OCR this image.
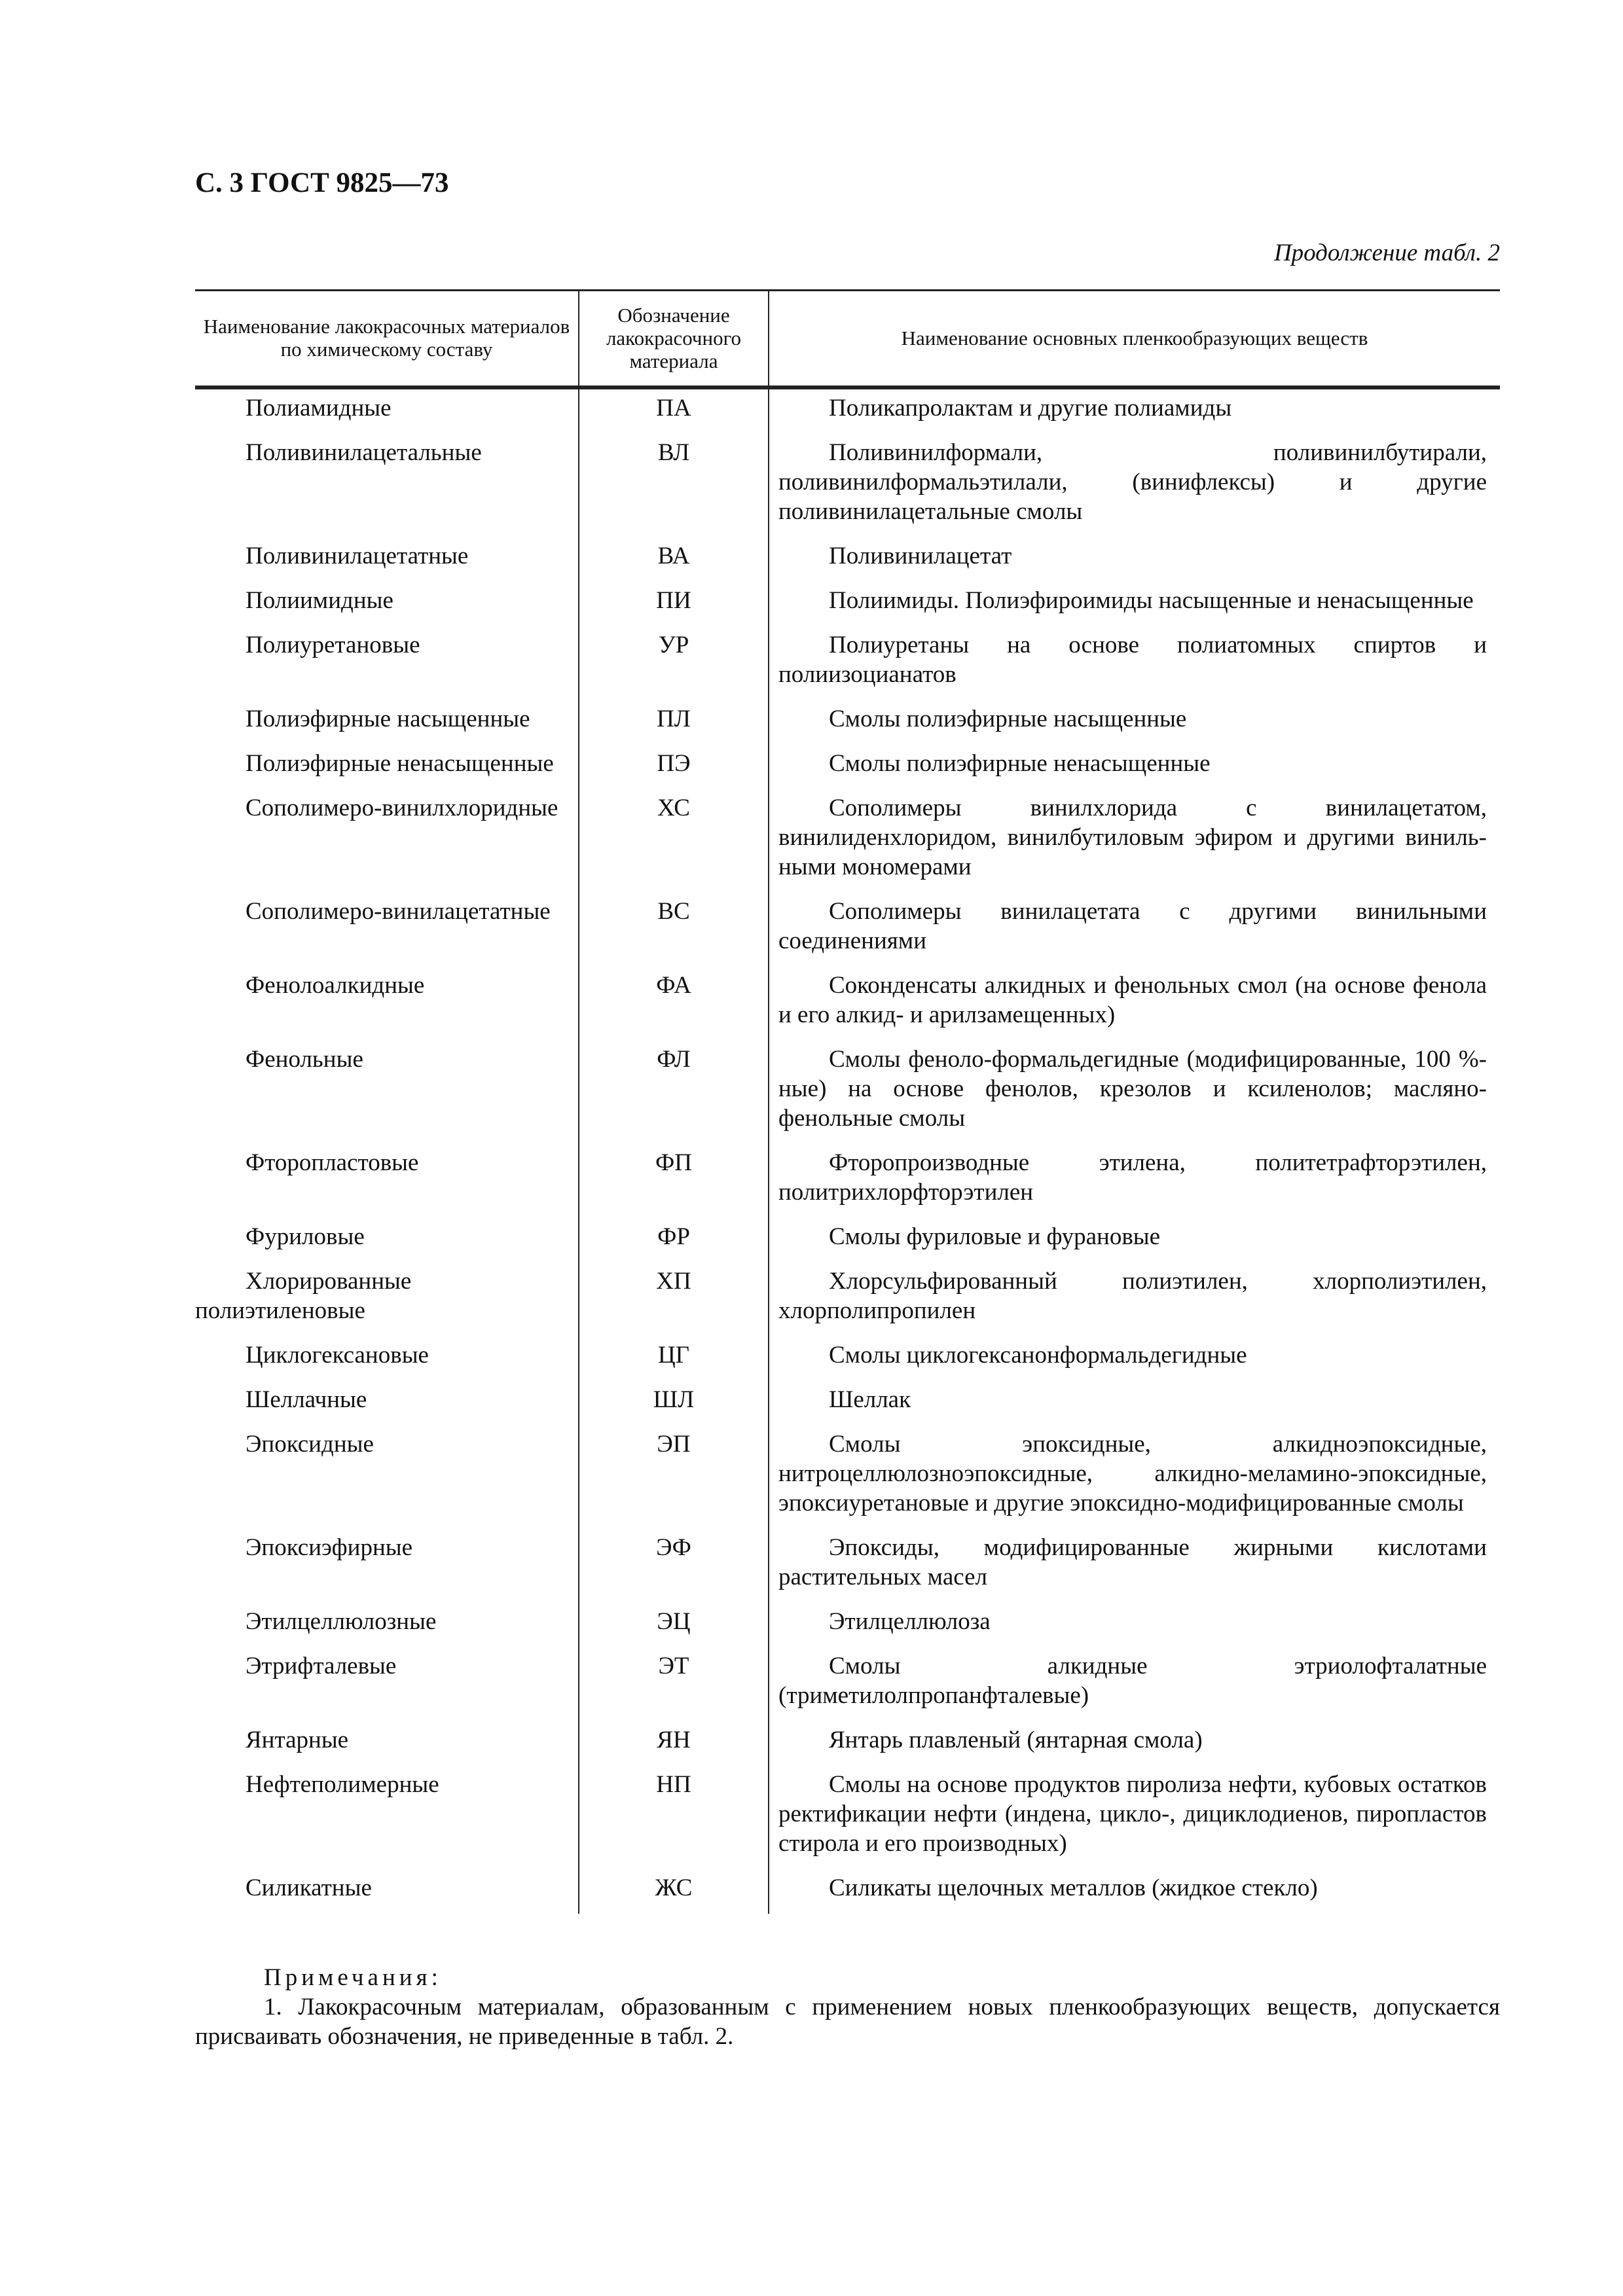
С. 3 ГОСТ 9825—73
Продолжение табл. 2
Наименование лакокрасочных материалов по химическому составу	Обозначение лакокрасочного материала	Наименование основных пленкообразующих веществ
Полиамидные	ПА	Поликапролактам и другие полиамиды
Поливинилацетальные	ВЛ	Поливинилформали, поливинилбутирали, поливинилформальэтилали, (винифлексы) и другие поливинилацетальные смолы
Поливинилацетатные	ВА	Поливинилацетат
Полиимидные	ПИ	Полиимиды. Полиэфироимиды насыщенные и ненасыщенные
Полиуретановые	УР	Полиуретаны на основе полиатомных спиртов и полиизоцианатов
Полиэфирные насыщенные	ПЛ	Смолы полиэфирные насыщенные
Полиэфирные ненасыщенные	ПЭ	Смолы полиэфирные ненасыщенные
Сополимеро-винилхлоридные	ХС	Сополимеры винилхлорида с винилацетатом, винилиденхлоридом, винилбутиловым эфиром и другими винильными мономерами
Сополимеро-винилацетатные	ВС	Сополимеры винилацетата с другими винильными соединениями
Фенолоалкидные	ФА	Соконденсаты алкидных и фенольных смол (на основе фенола и его алкид- и арилзамещенных)
Фенольные	ФЛ	Смолы феноло-формальдегидные (модифицированные, 100 %-ные) на основе фенолов, крезолов и ксиленолов; масляно-фенольные смолы
Фторопластовые	ФП	Фторопроизводные этилена, политетрафторэтилен, политрихлорфторэтилен
Фуриловые	ФР	Смолы фуриловые и фурановые
Хлорированные полиэтиленовые	ХП	Хлорсульфированный полиэтилен, хлорполиэтилен, хлорполипропилен
Циклогексановые	ЦГ	Смолы циклогексанонформальдегидные
Шеллачные	ШЛ	Шеллак
Эпоксидные	ЭП	Смолы эпоксидные, алкидноэпоксидные, нитроцеллюлозноэпоксидные, алкидно-меламино-эпоксидные, эпоксиуретановые и другие эпоксидно-модифицированные смолы
Эпоксиэфирные	ЭФ	Эпоксиды, модифицированные жирными кислотами растительных масел
Этилцеллюлозные	ЭЦ	Этилцеллюлоза
Этрифталевые	ЭТ	Смолы алкидные этриолофталатные (триметилолпропанфталевые)
Янтарные	ЯН	Янтарь плавленый (янтарная смола)
Нефтеполимерные	НП	Смолы на основе продуктов пиролиза нефти, кубовых остатков ректификации нефти (индена, цикло-, дициклодиенов, пиропластов стирола и его производных)
Силикатные	ЖС	Силикаты щелочных металлов (жидкое стекло)
Примечания:
1. Лакокрасочным материалам, образованным с применением новых пленкообразующих веществ, допускается присваивать обозначения, не приведенные в табл. 2.
